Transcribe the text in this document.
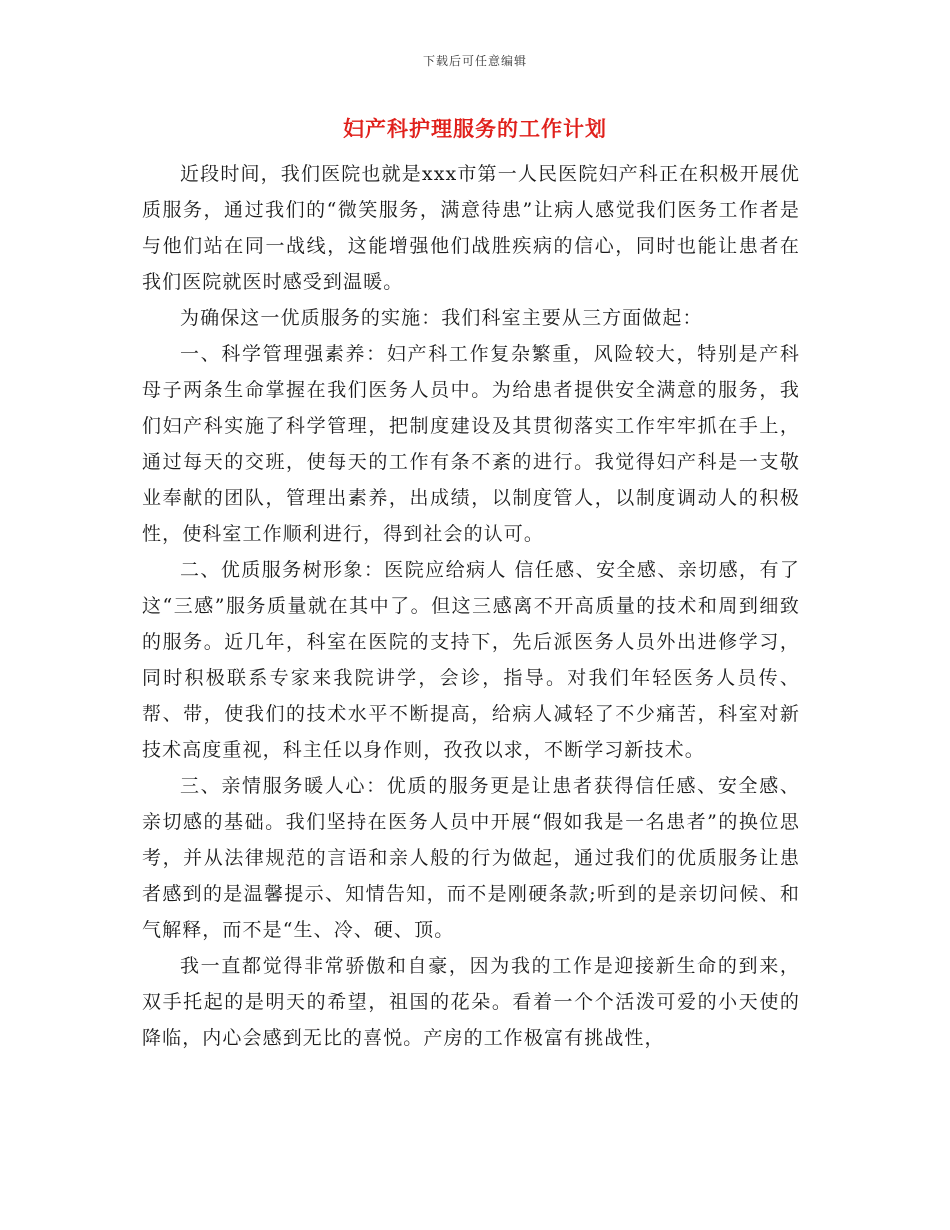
下载后可任意编辑
妇产科护理服务的工作计划

近段时间，我们医院也就是xxx市第一人民医院妇产科正在积极开展优质服务，通过我们的“微笑服务，满意待患”让病人感觉我们医务工作者是与他们站在同一战线，这能增强他们战胜疾病的信心，同时也能让患者在我们医院就医时感受到温暖。

为确保这一优质服务的实施：我们科室主要从三方面做起：

一、科学管理强素养：妇产科工作复杂繁重，风险较大，特别是产科母子两条生命掌握在我们医务人员中。为给患者提供安全满意的服务，我们妇产科实施了科学管理，把制度建设及其贯彻落实工作牢牢抓在手上，通过每天的交班，使每天的工作有条不紊的进行。我觉得妇产科是一支敬业奉献的团队，管理出素养，出成绩，以制度管人，以制度调动人的积极性，使科室工作顺利进行，得到社会的认可。

二、优质服务树形象：医院应给病人 信任感、安全感、亲切感，有了这“三感”服务质量就在其中了。但这三感离不开高质量的技术和周到细致的服务。近几年，科室在医院的支持下，先后派医务人员外出进修学习，同时积极联系专家来我院讲学，会诊，指导。对我们年轻医务人员传、帮、带，使我们的技术水平不断提高，给病人减轻了不少痛苦，科室对新技术高度重视，科主任以身作则，孜孜以求，不断学习新技术。

三、亲情服务暖人心：优质的服务更是让患者获得信任感、安全感、亲切感的基础。我们坚持在医务人员中开展“假如我是一名患者”的换位思考，并从法律规范的言语和亲人般的行为做起，通过我们的优质服务让患者感到的是温馨提示、知情告知，而不是刚硬条款;听到的是亲切问候、和气解释，而不是“生、冷、硬、顶。

我一直都觉得非常骄傲和自豪，因为我的工作是迎接新生命的到来，双手托起的是明天的希望，祖国的花朵。看着一个个活泼可爱的小天使的降临，内心会感到无比的喜悦。产房的工作极富有挑战性，
